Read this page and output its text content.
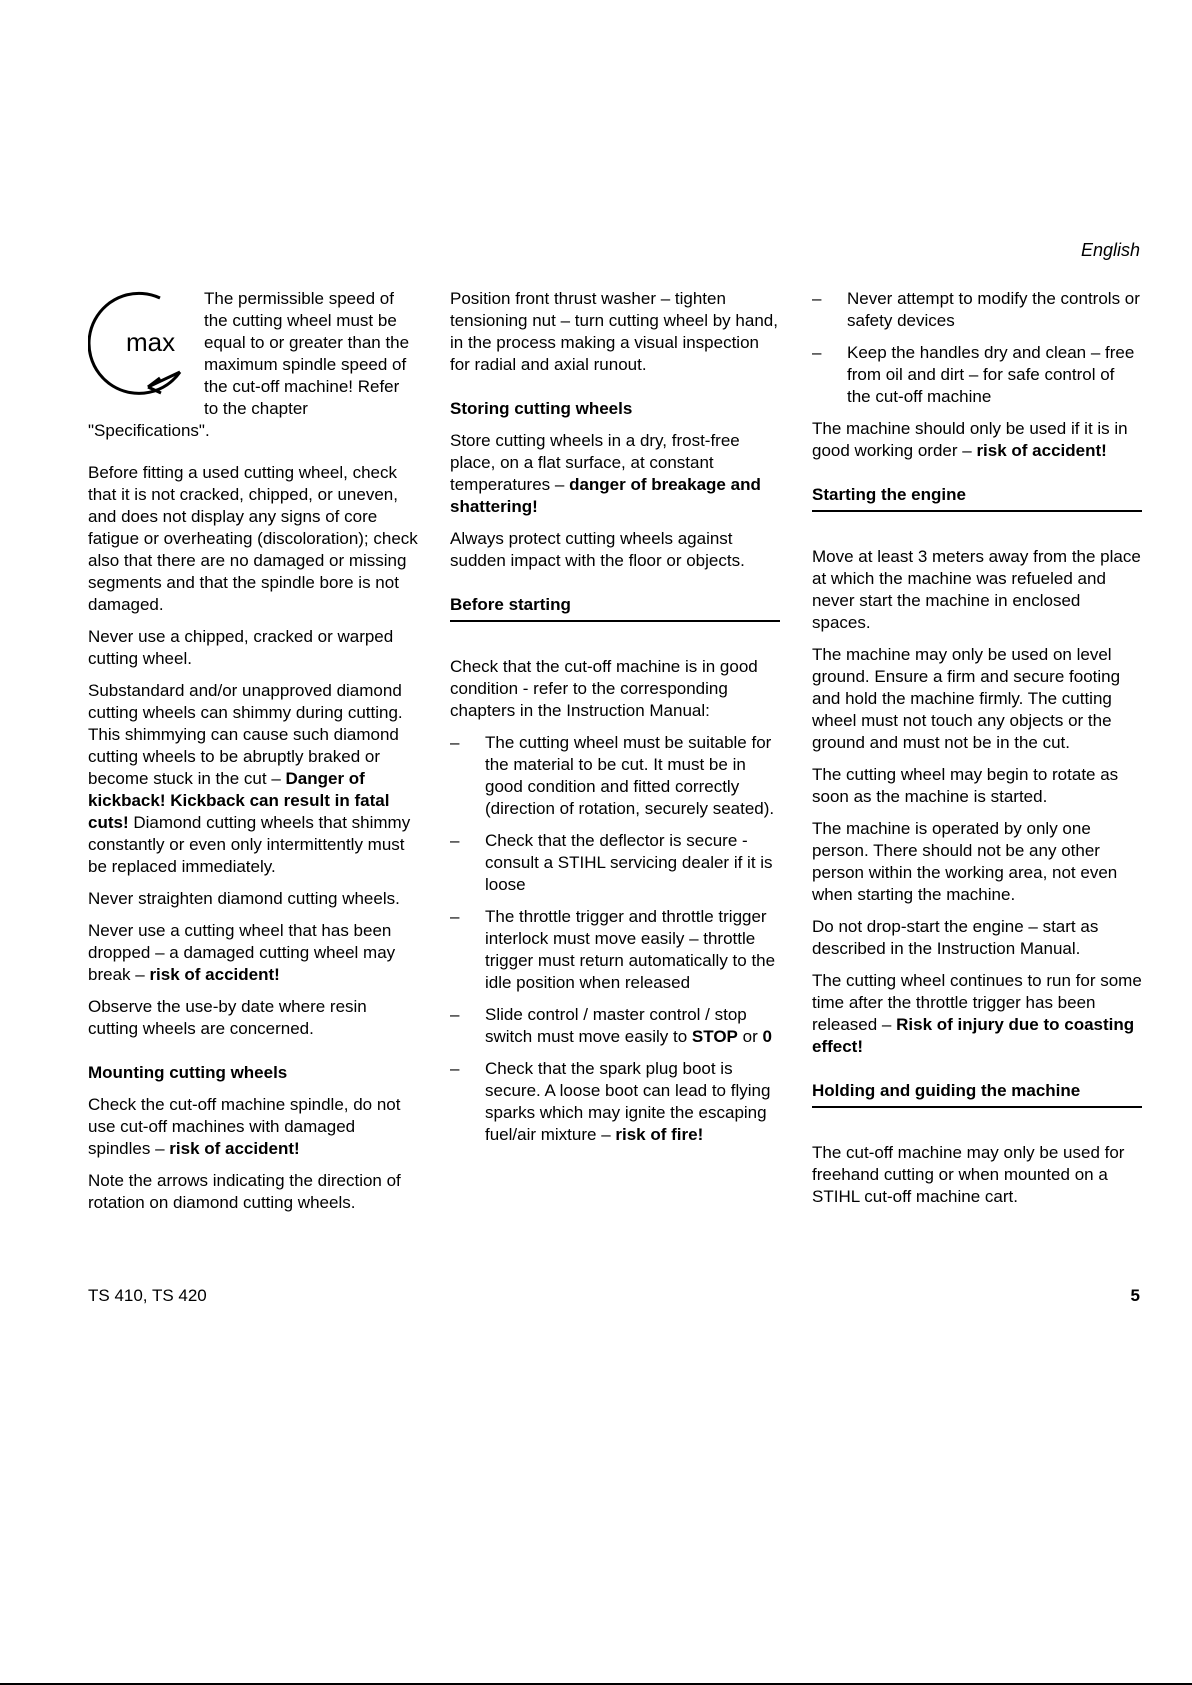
English
max

The permissible speed of the cutting wheel must be equal to or greater than the maximum spindle speed of the cut-off machine! Refer to the chapter "Specifications".

Before fitting a used cutting wheel, check that it is not cracked, chipped, or uneven, and does not display any signs of core fatigue or overheating (discoloration); check also that there are no damaged or missing segments and that the spindle bore is not damaged.

Never use a chipped, cracked or warped cutting wheel.

Substandard and/or unapproved diamond cutting wheels can shimmy during cutting. This shimmying can cause such diamond cutting wheels to be abruptly braked or become stuck in the cut – Danger of kickback! Kickback can result in fatal cuts! Diamond cutting wheels that shimmy constantly or even only intermittently must be replaced immediately.

Never straighten diamond cutting wheels.

Never use a cutting wheel that has been dropped – a damaged cutting wheel may break – risk of accident!

Observe the use-by date where resin cutting wheels are concerned.

Mounting cutting wheels

Check the cut-off machine spindle, do not use cut-off machines with damaged spindles – risk of accident!

Note the arrows indicating the direction of rotation on diamond cutting wheels.

Position front thrust washer – tighten tensioning nut – turn cutting wheel by hand, in the process making a visual inspection for radial and axial runout.

Storing cutting wheels

Store cutting wheels in a dry, frost-free place, on a flat surface, at constant temperatures – danger of breakage and shattering!

Always protect cutting wheels against sudden impact with the floor or objects.

Before starting

Check that the cut-off machine is in good condition - refer to the corresponding chapters in the Instruction Manual:

– The cutting wheel must be suitable for the material to be cut. It must be in good condition and fitted correctly (direction of rotation, securely seated).
– Check that the deflector is secure - consult a STIHL servicing dealer if it is loose
– The throttle trigger and throttle trigger interlock must move easily – throttle trigger must return automatically to the idle position when released
– Slide control / master control / stop switch must move easily to STOP or 0
– Check that the spark plug boot is secure. A loose boot can lead to flying sparks which may ignite the escaping fuel/air mixture – risk of fire!
– Never attempt to modify the controls or safety devices
– Keep the handles dry and clean – free from oil and dirt – for safe control of the cut-off machine

The machine should only be used if it is in good working order – risk of accident!

Starting the engine

Move at least 3 meters away from the place at which the machine was refueled and never start the machine in enclosed spaces.

The machine may only be used on level ground. Ensure a firm and secure footing and hold the machine firmly. The cutting wheel must not touch any objects or the ground and must not be in the cut.

The cutting wheel may begin to rotate as soon as the machine is started.

The machine is operated by only one person. There should not be any other person within the working area, not even when starting the machine.

Do not drop-start the engine – start as described in the Instruction Manual.

The cutting wheel continues to run for some time after the throttle trigger has been released – Risk of injury due to coasting effect!

Holding and guiding the machine

The cut-off machine may only be used for freehand cutting or when mounted on a STIHL cut-off machine cart.

TS 410, TS 420	5
